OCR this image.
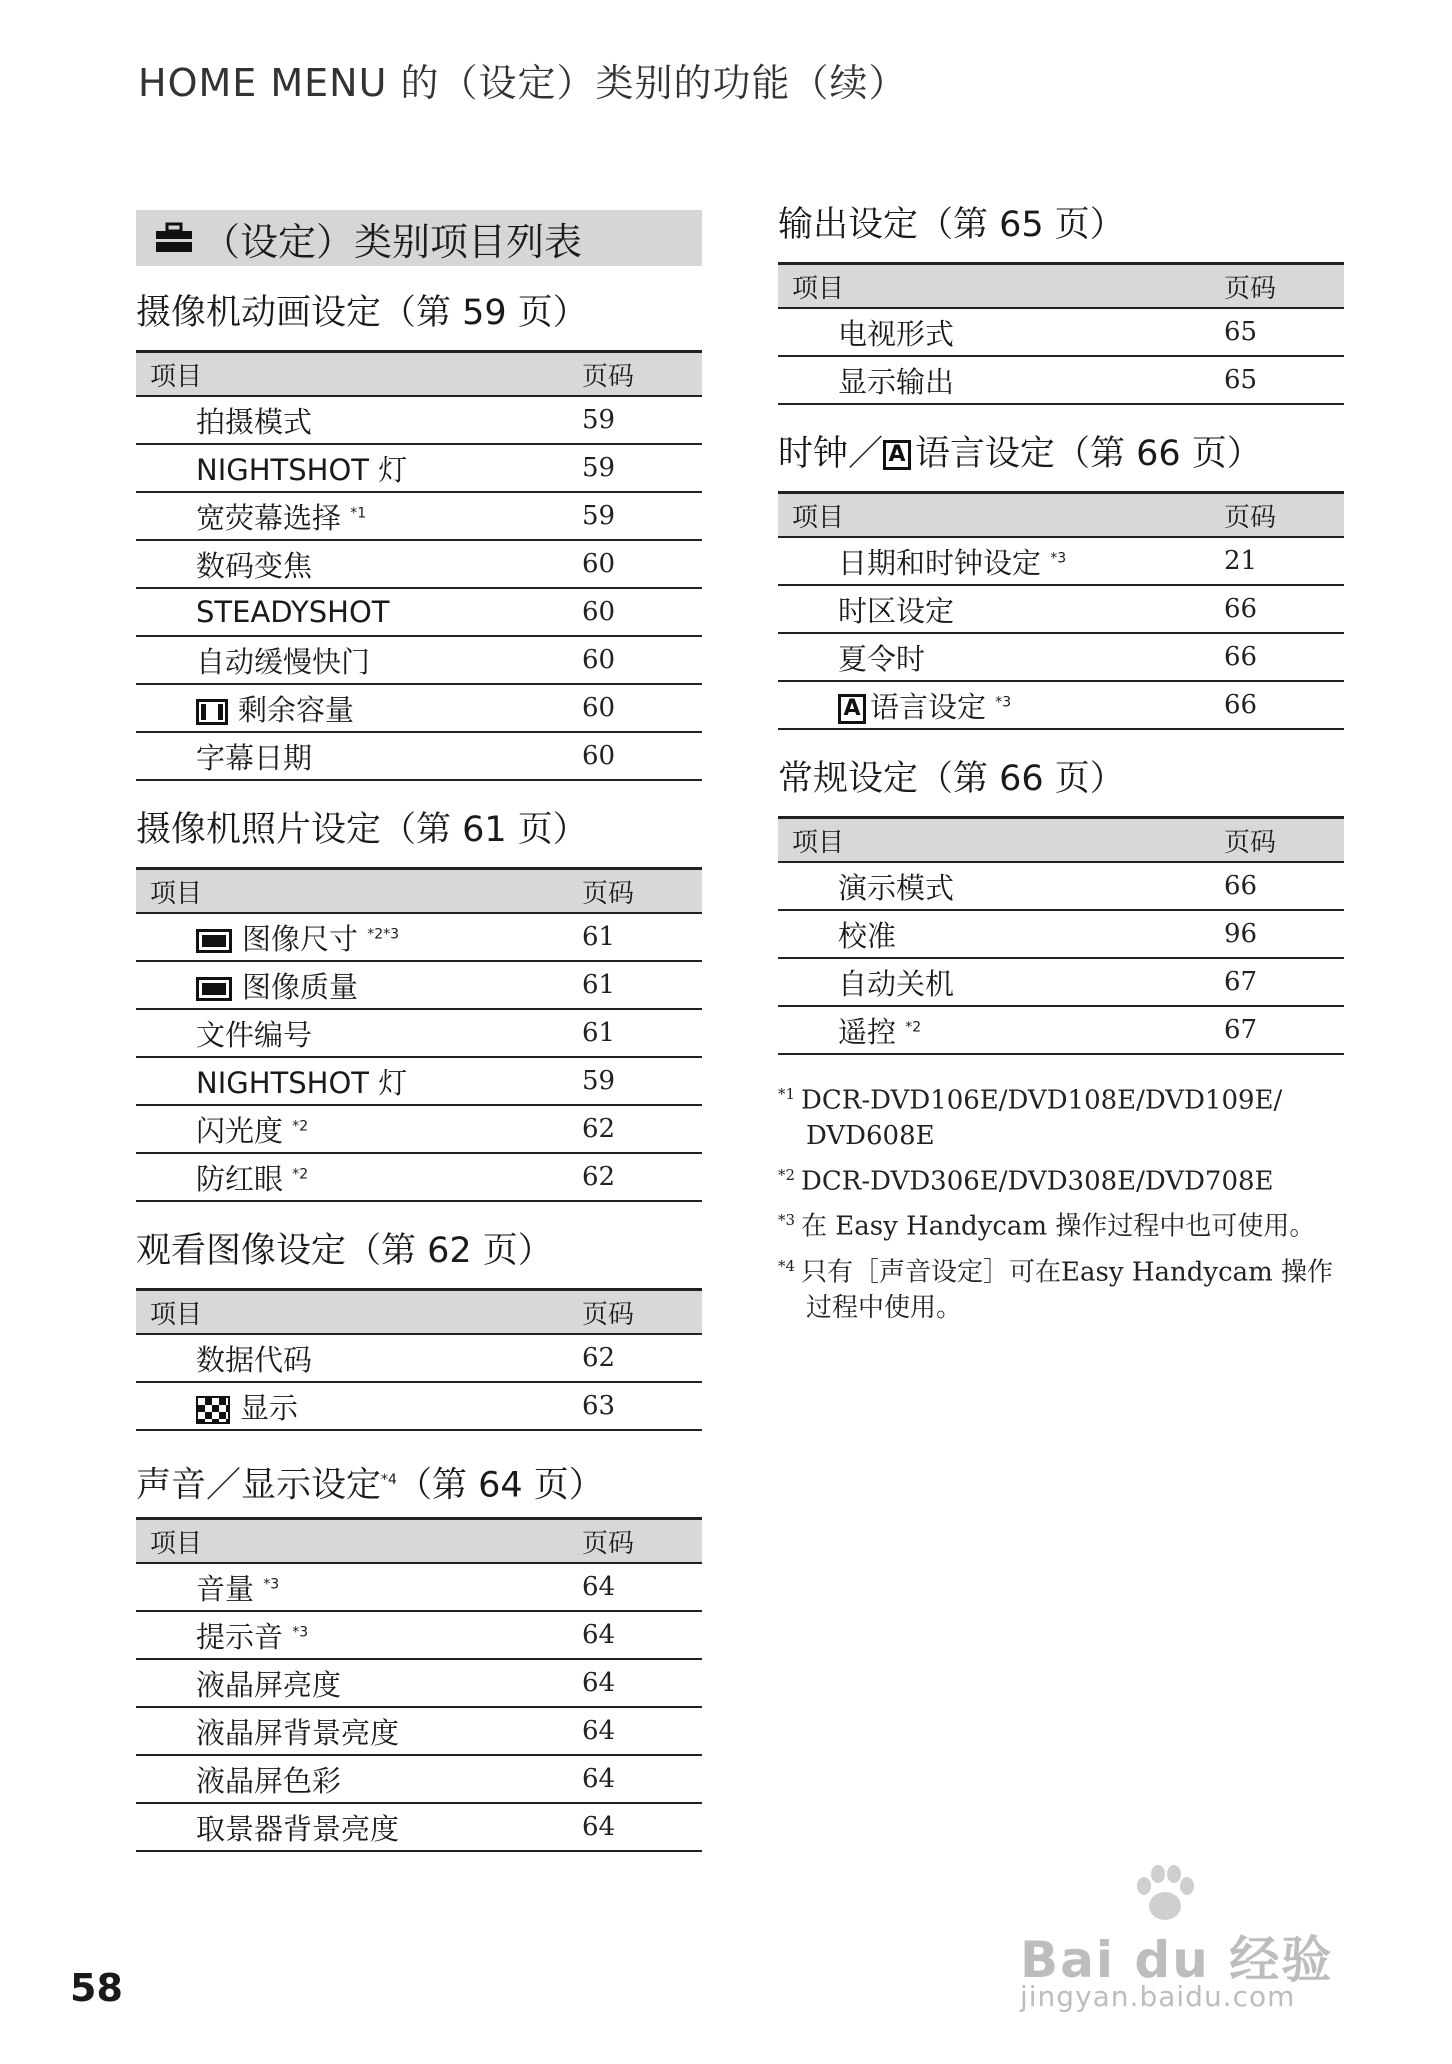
HOME MENU 的（设定）类别的功能（续）
（设定）类别项目列表
摄像机动画设定（第 59 页）
项目	页码
拍摄模式	59
NIGHTSHOT 灯	59
宽荧幕选择 $^{*1}$	59
数码变焦	60
STEADYSHOT	60
自动缓慢快门	60
剩余容量	60
字幕日期	60
摄像机照片设定（第 61 页）
项目	页码
图像尺寸 $^{*2*3}$	61
图像质量	61
文件编号	61
NIGHTSHOT 灯	59
闪光度 $^{*2}$	62
防红眼 $^{*2}$	62
观看图像设定（第 62 页）
项目	页码
数据代码	62
显示	63
声音／显示设定$^{*4}$（第 64 页）
项目	页码
音量 $^{*3}$	64
提示音 $^{*3}$	64
液晶屏亮度	64
液晶屏背景亮度	64
液晶屏色彩	64
取景器背景亮度	64
输出设定（第 65 页）
项目	页码
电视形式	65
显示输出	65
时钟／ A 语言设定（第 66 页）
项目	页码
日期和时钟设定 $^{*3}$	21
时区设定	66
夏令时	66
A 语言设定 $^{*3}$	66
常规设定（第 66 页）
项目	页码
演示模式	66
校准	96
自动关机	67
遥控 $^{*2}$	67
$^{*1}$ DCR-DVD106E/DVD108E/DVD109E/ DVD608E
$^{*2}$ DCR-DVD306E/DVD308E/DVD708E
$^{*3}$ 在 Easy Handycam 操作过程中也可使用。
$^{*4}$ 只有［声音设定］可在Easy Handycam 操作过程中使用。
58	Bai du 经验
jingyan.baidu.com
